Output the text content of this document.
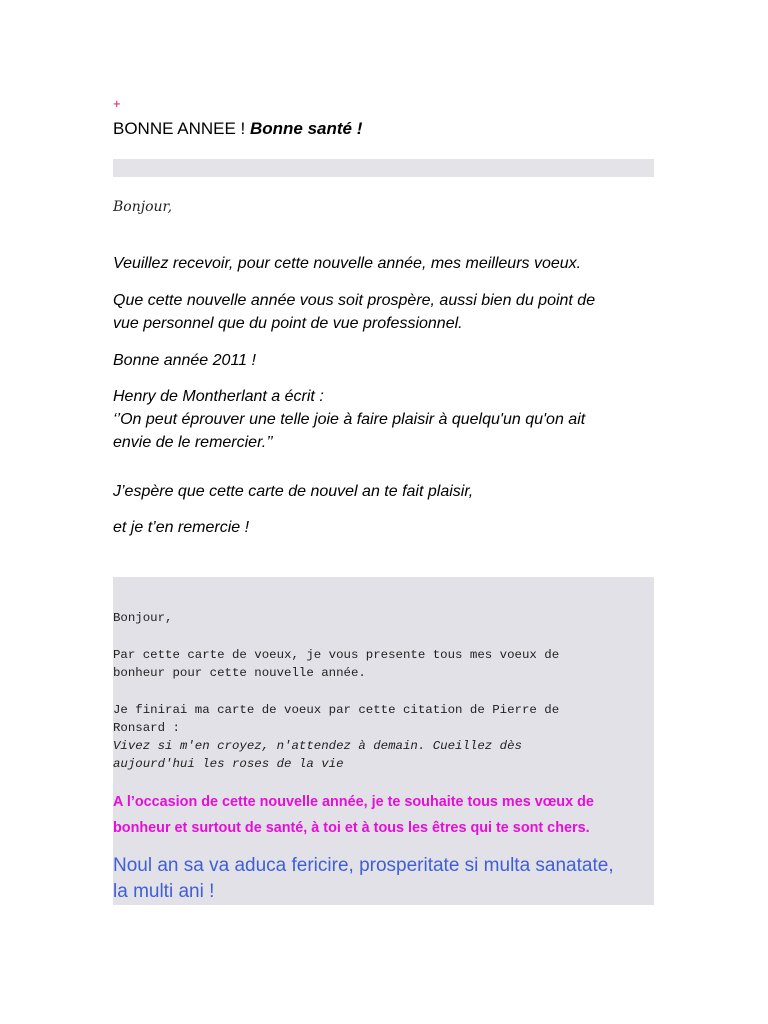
+
BONNE ANNEE ! Bonne santé !
Bonjour,
Veuillez recevoir, pour cette nouvelle année, mes meilleurs voeux.
Que cette nouvelle année vous soit prospère, aussi bien du point de
vue personnel que du point de vue professionnel.
Bonne année 2011 !
Henry de Montherlant a écrit :
‘’On peut éprouver une telle joie à faire plaisir à quelqu'un qu'on ait
envie de le remercier.’’
J’espère que cette carte de nouvel an te fait plaisir,
et je t’en remercie !
Bonjour,
Par cette carte de voeux, je vous presente tous mes voeux de
bonheur pour cette nouvelle année.
Je finirai ma carte de voeux par cette citation de Pierre de
Ronsard :
Vivez si m'en croyez, n'attendez à demain. Cueillez dès
aujourd'hui les roses de la vie
A l’occasion de cette nouvelle année, je te souhaite tous mes vœux de
bonheur et surtout de santé, à toi et à tous les êtres qui te sont chers.
Noul an sa va aduca fericire, prosperitate si multa sanatate,
la multi ani !
